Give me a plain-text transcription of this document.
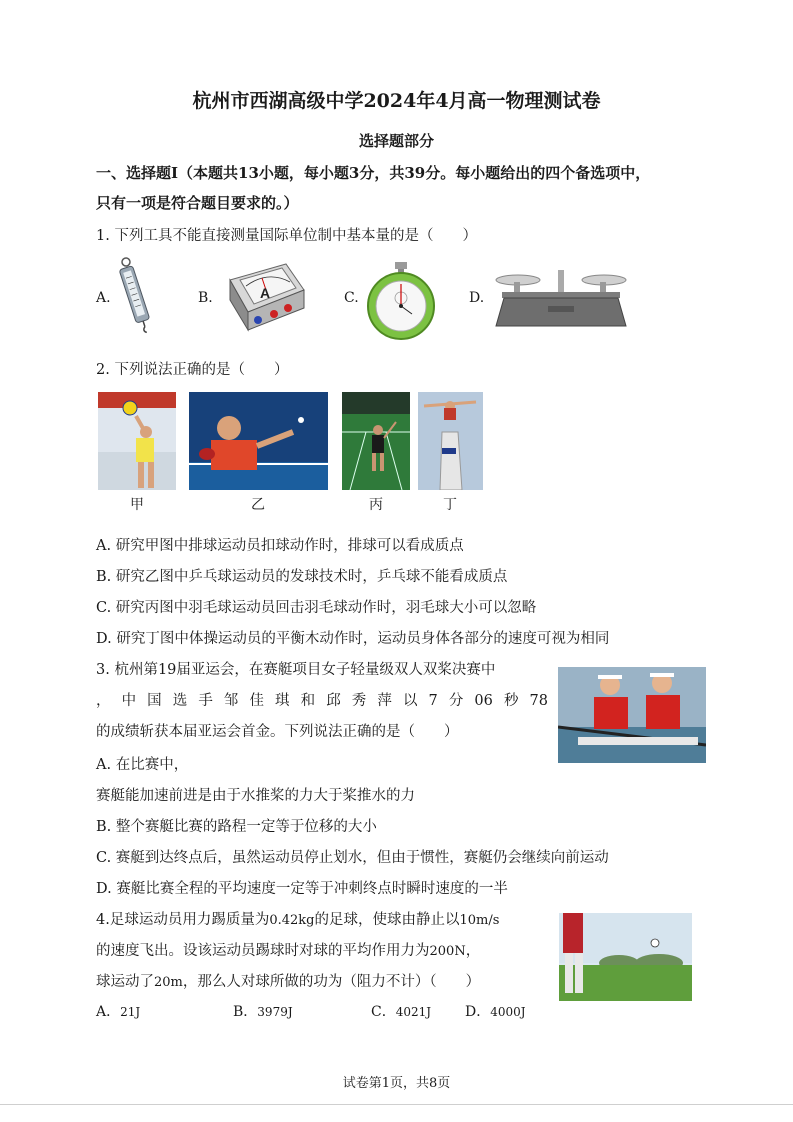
杭州市西湖高级中学2024年4月高一物理测试卷
选择题部分
一、选择题Ⅰ（本题共13小题，每小题3分，共39分。每小题给出的四个备选项中，
只有一项是符合题目要求的。）
1. 下列工具不能直接测量国际单位制中基本量的是（　　）
A.	B.	A	C.	D.
2. 下列说法正确的是（　　）
甲	乙	丙	丁
A. 研究甲图中排球运动员扣球动作时，排球可以看成质点
B. 研究乙图中乒乓球运动员的发球技术时，乒乓球不能看成质点
C. 研究丙图中羽毛球运动员回击羽毛球动作时，羽毛球大小可以忽略
D. 研究丁图中体操运动员的平衡木动作时，运动员身体各部分的速度可视为相同
3. 杭州第19届亚运会，在赛艇项目女子轻量级双人双桨决赛中
，中国选手邹佳琪和邱秀萍以7分06秒78
的成绩斩获本届亚运会首金。下列说法正确的是（　　）
A. 在比赛中，
赛艇能加速前进是由于水推桨的力大于桨推水的力
B. 整个赛艇比赛的路程一定等于位移的大小
C. 赛艇到达终点后，虽然运动员停止划水，但由于惯性，赛艇仍会继续向前运动
D. 赛艇比赛全程的平均速度一定等于冲刺终点时瞬时速度的一半
4.足球运动员用力踢质量为0.42kg的足球，使球由静止以10m/s
的速度飞出。设该运动员踢球时对球的平均作用力为200N，
球运动了20m，那么人对球所做的功为（阻力不计）（　　）
A．21J	B．3979J	C．4021J D．4000J
试卷第1页，共8页
